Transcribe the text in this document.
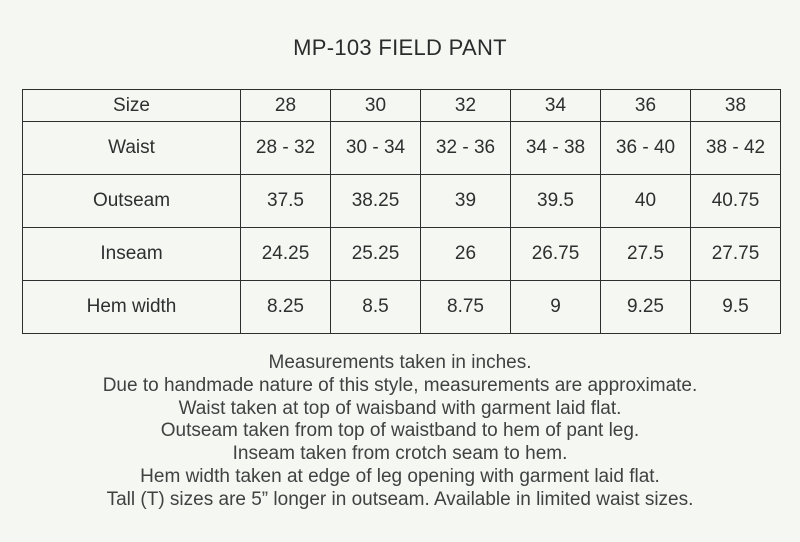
MP-103 FIELD PANT
Size	28	30	32	34	36	38
Waist	28 - 32	30 - 34	32 - 36	34 - 38	36 - 40	38 - 42
Outseam	37.5	38.25	39	39.5	40	40.75
Inseam	24.25	25.25	26	26.75	27.5	27.75
Hem width	8.25	8.5	8.75	9	9.25	9.5

Measurements taken in inches.

Due to handmade nature of this style, measurements are approximate.

Waist taken at top of waisband with garment laid flat.

Outseam taken from top of waistband to hem of pant leg.

Inseam taken from crotch seam to hem.

Hem width taken at edge of leg opening with garment laid flat.

Tall (T) sizes are 5” longer in outseam. Available in limited waist sizes.
